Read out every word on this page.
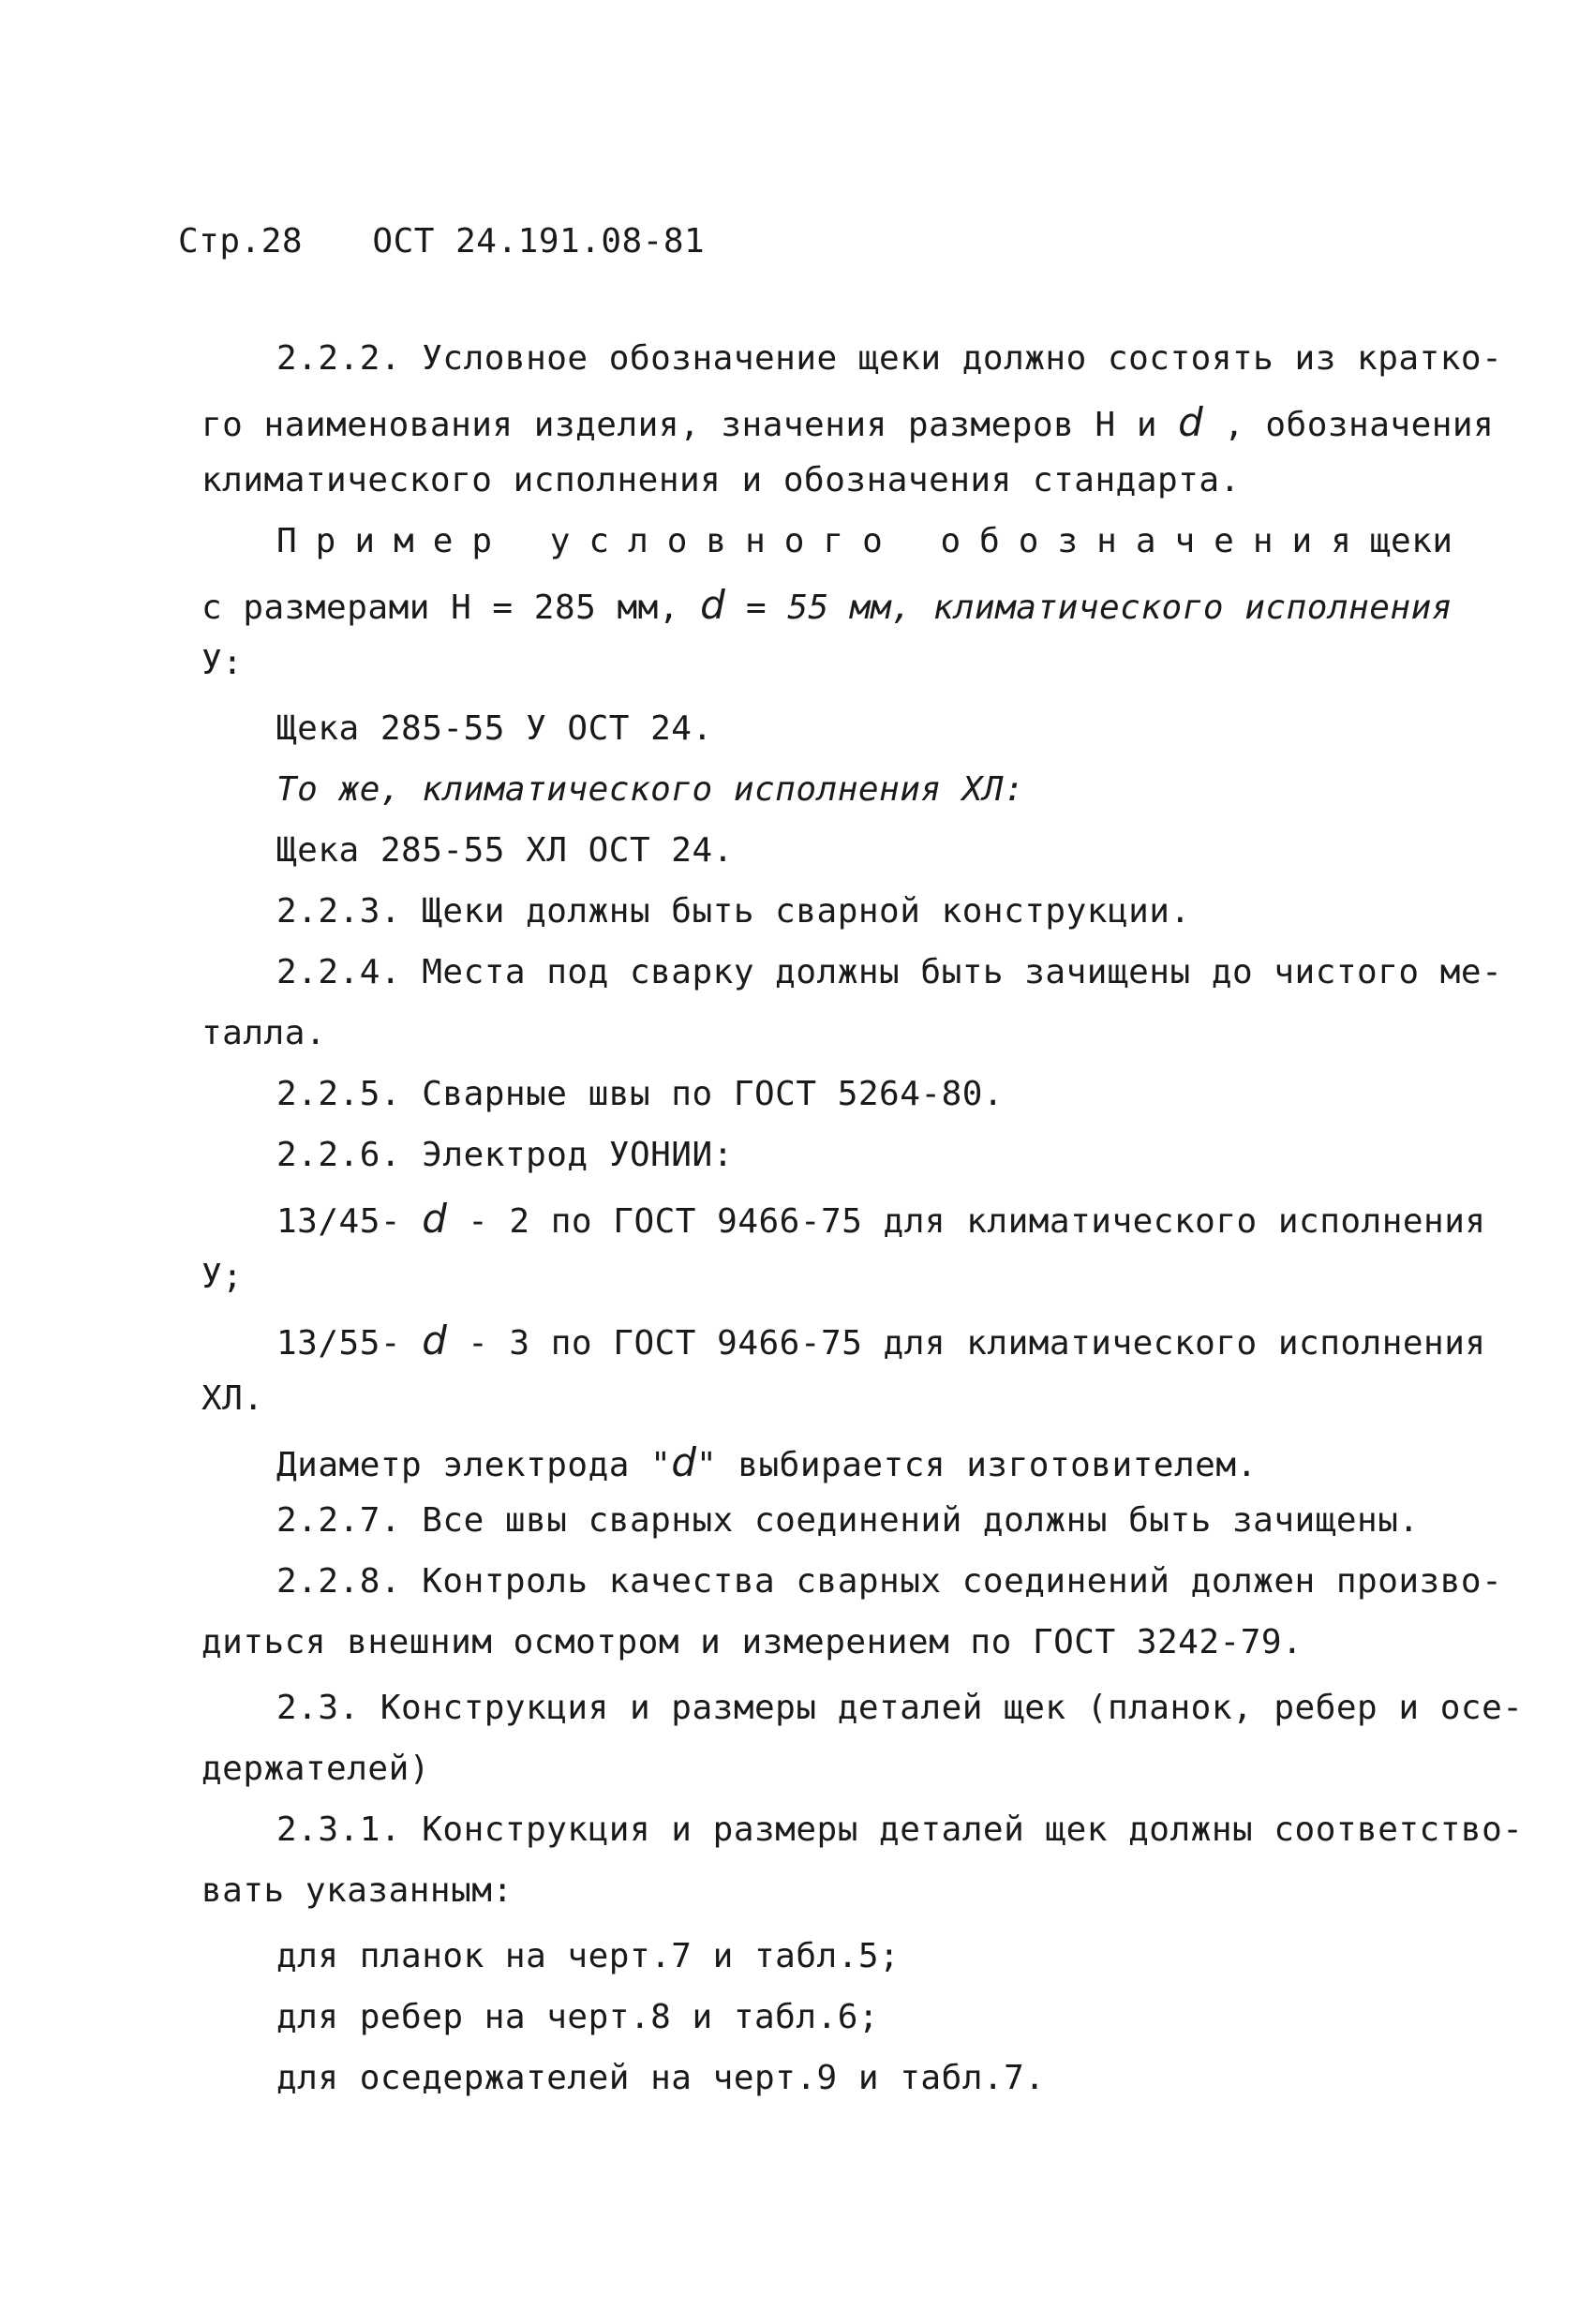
Стр.28 ОСТ 24.191.08-81
2.2.2. Условное обозначение щеки должно состоять из кратко-
го наименования изделия, значения размеров Н и d , обозначения
климатического исполнения и обозначения стандарта.
Пример условного обозначениящеки
с размерами Н = 285 мм, d = 55 мм, климатического исполнения
У:
Щека 285-55 У ОСТ 24.
То же, климатического исполнения ХЛ:
Щека 285-55 ХЛ ОСТ 24.
2.2.3. Щеки должны быть сварной конструкции.
2.2.4. Места под сварку должны быть зачищены до чистого ме-
талла.
2.2.5. Сварные швы по ГОСТ 5264-80.
2.2.6. Электрод УОНИИ:
13/45- d - 2 по ГОСТ 9466-75 для климатического исполнения
У;
13/55- d - 3 по ГОСТ 9466-75 для климатического исполнения
ХЛ.
Диаметр электрода "d" выбирается изготовителем.
2.2.7. Все швы сварных соединений должны быть зачищены.
2.2.8. Контроль качества сварных соединений должен произво-
диться внешним осмотром и измерением по ГОСТ 3242-79.
2.3. Конструкция и размеры деталей щек (планок, ребер и осе-
держателей)
2.3.1. Конструкция и размеры деталей щек должны соответство-
вать указанным:
для планок на черт.7 и табл.5;
для ребер на черт.8 и табл.6;
для оседержателей на черт.9 и табл.7.
